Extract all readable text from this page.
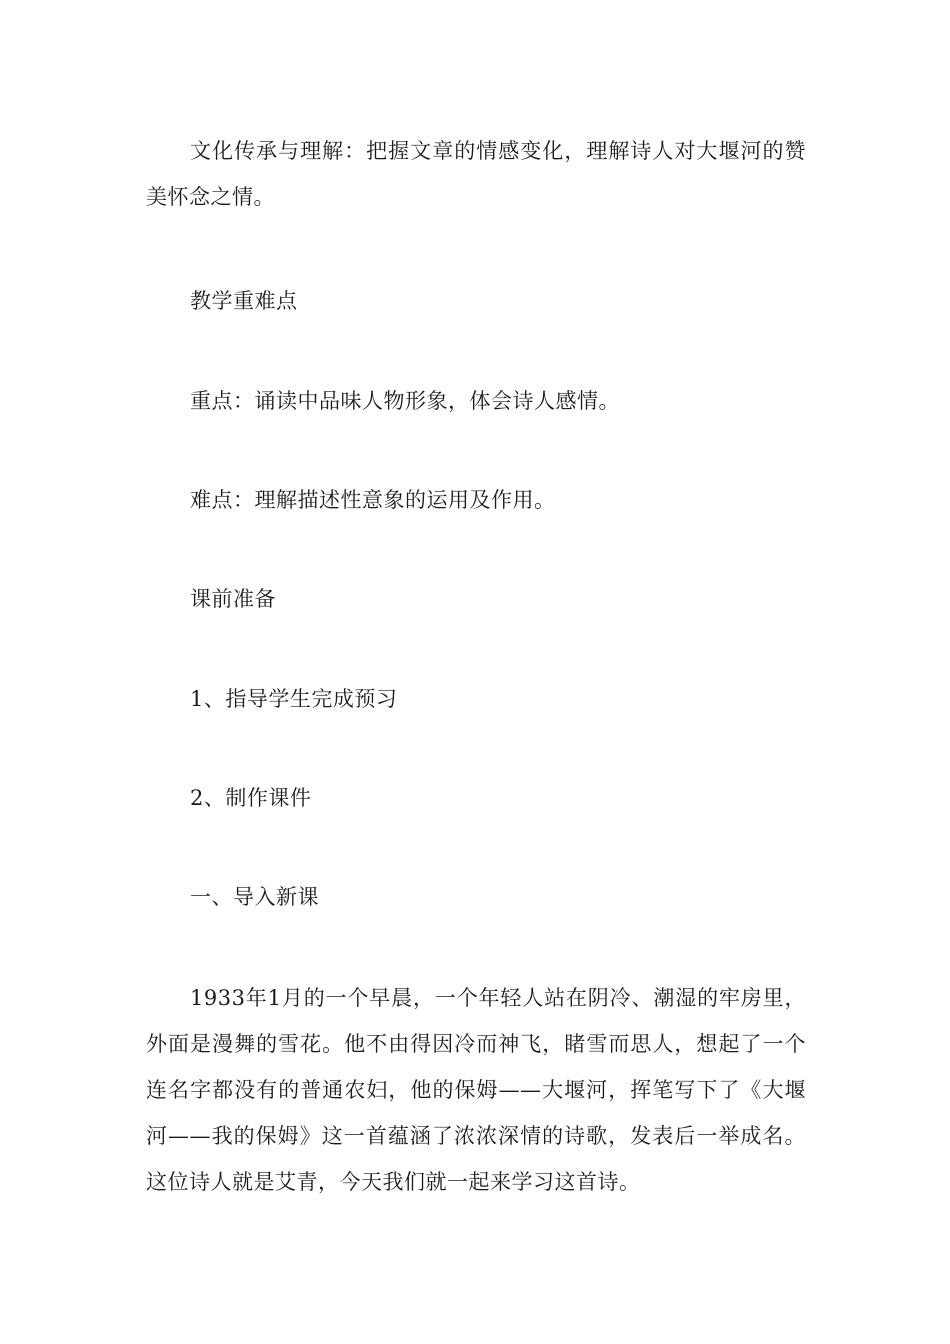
文化传承与理解：把握文章的情感变化，理解诗人对大堰河的赞美怀念之情。

教学重难点

重点：诵读中品味人物形象，体会诗人感情。

难点：理解描述性意象的运用及作用。

课前准备

1、指导学生完成预习

2、制作课件

一、导入新课

1933年1月的一个早晨，一个年轻人站在阴冷、潮湿的牢房里，外面是漫舞的雪花。他不由得因冷而神飞，睹雪而思人，想起了一个连名字都没有的普通农妇，他的保姆——大堰河，挥笔写下了《大堰河——我的保姆》这一首蕴涵了浓浓深情的诗歌，发表后一举成名。这位诗人就是艾青，今天我们就一起来学习这首诗。
